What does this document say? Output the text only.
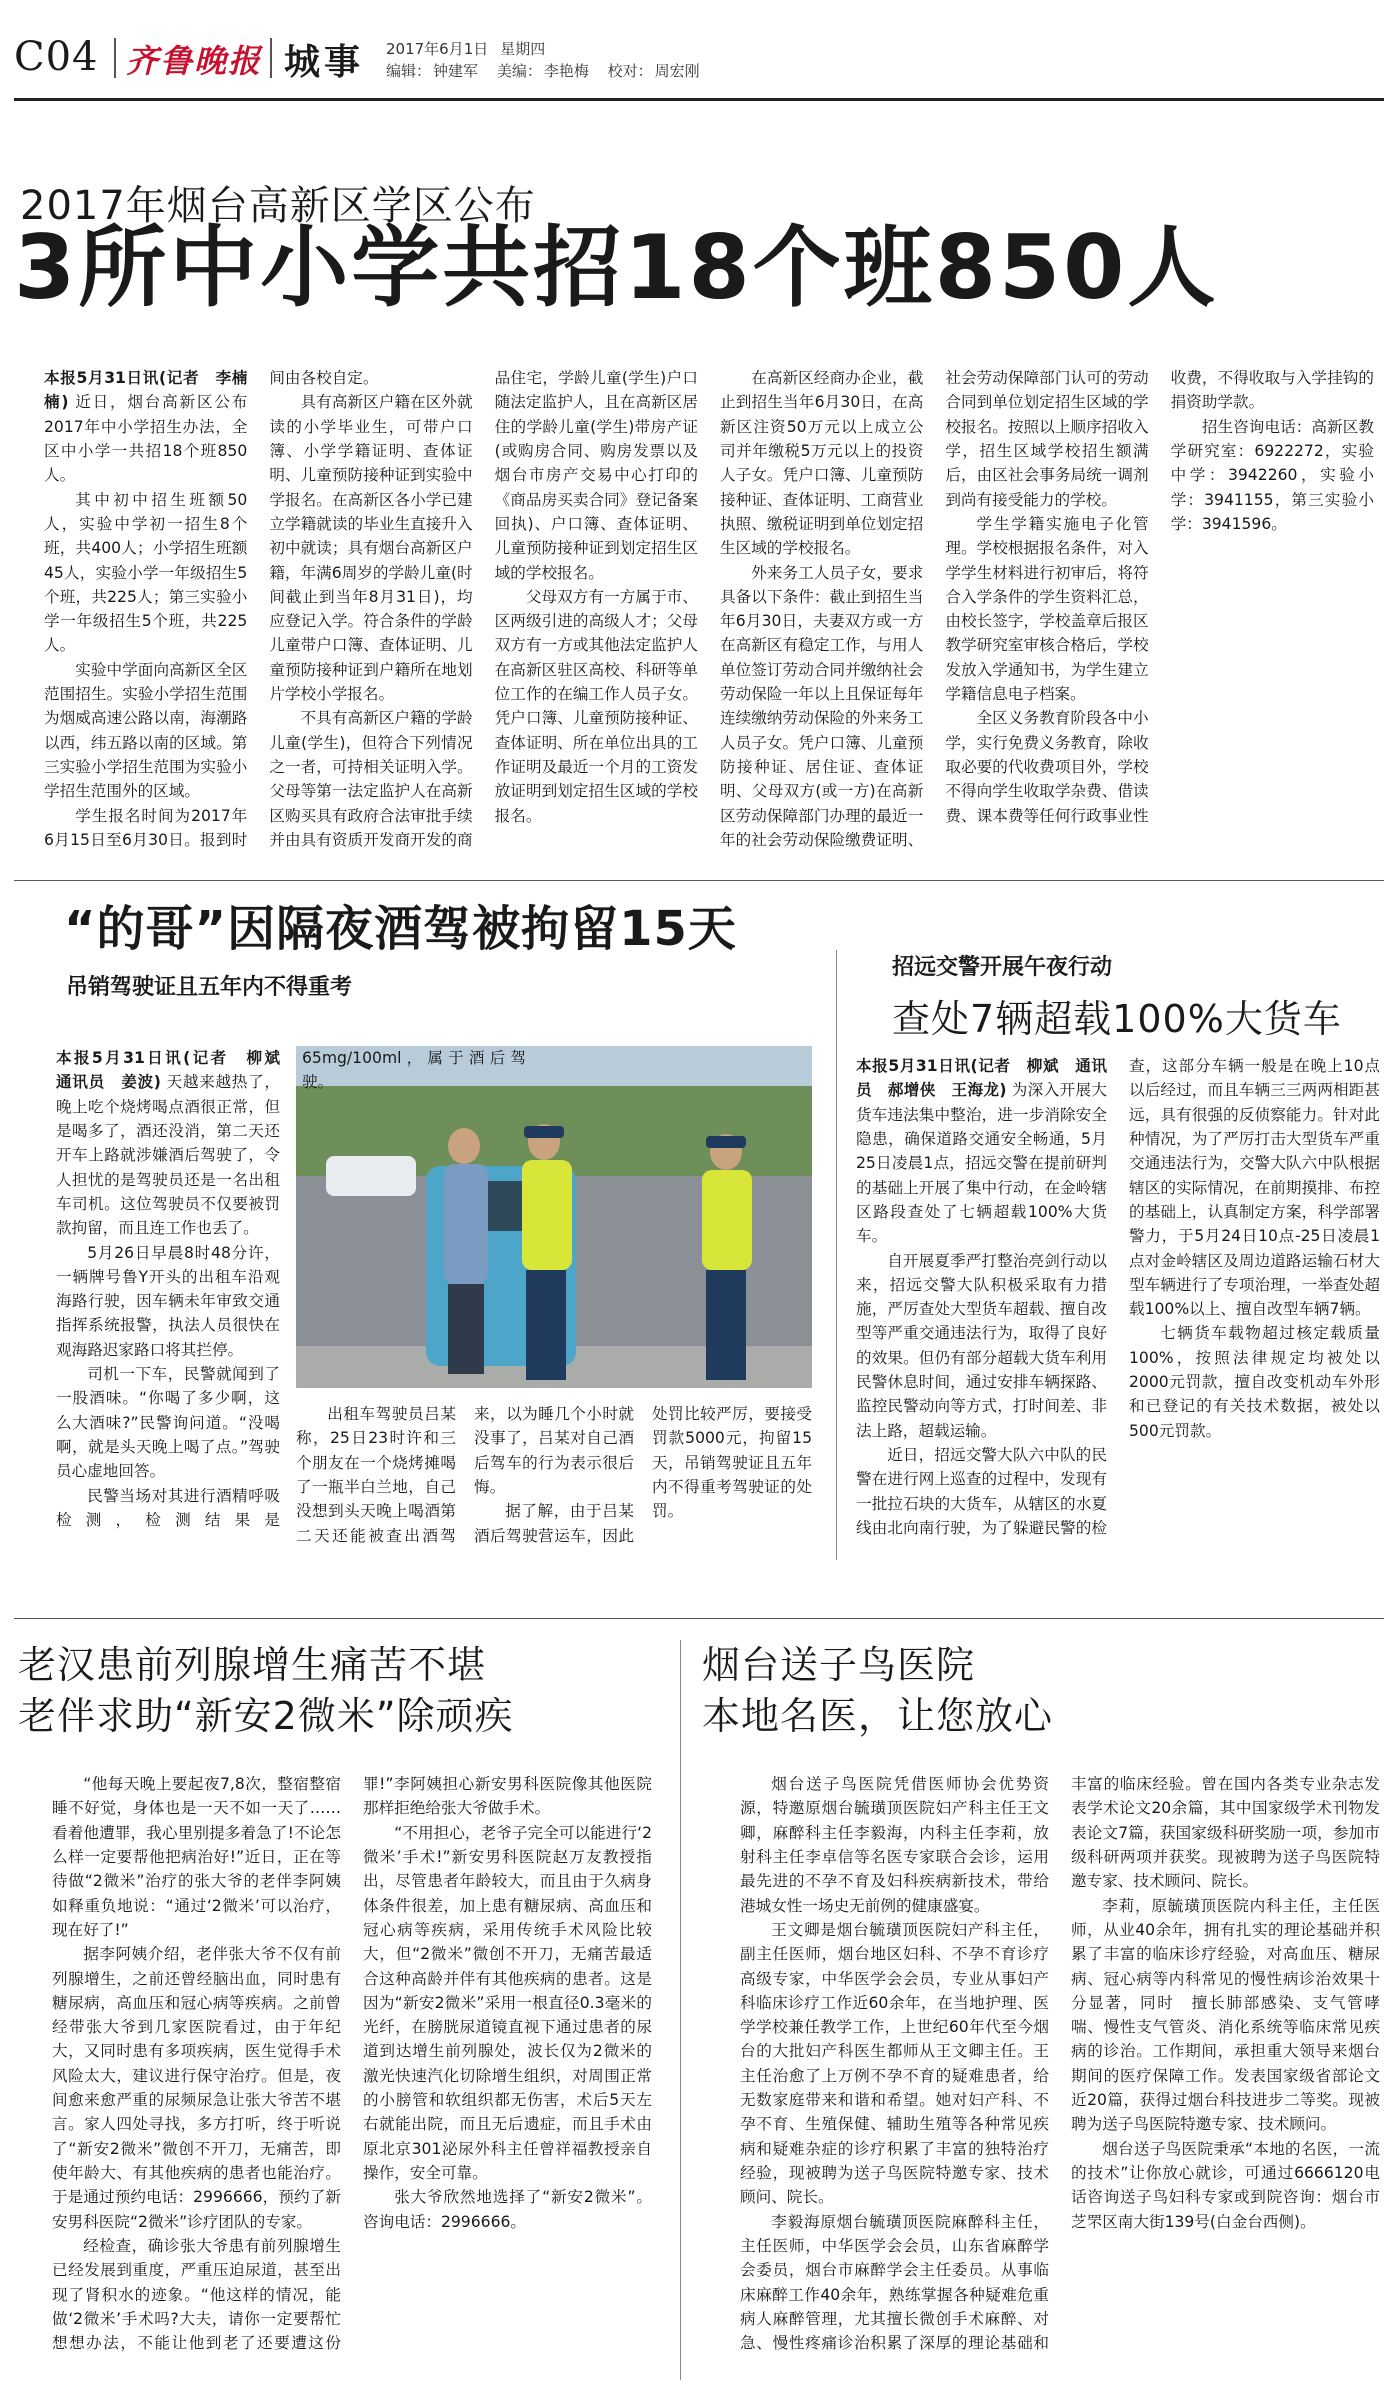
C04 齐鲁晚报 城事 2017年6月1日 星期四
编辑： 钟建军 美编： 李艳梅 校对： 周宏刚
2017年烟台高新区学区公布
3所中小学共招18个班850人

本报5月31日讯(记者　李楠楠) 近日，烟台高新区公布2017年中小学招生办法，全区中小学一共招18个班850人。

其中初中招生班额50人，实验中学初一招生8个班，共400人；小学招生班额45人，实验小学一年级招生5个班，共225人；第三实验小学一年级招生5个班，共225人。

实验中学面向高新区全区范围招生。实验小学招生范围为烟威高速公路以南，海潮路以西，纬五路以南的区域。第三实验小学招生范围为实验小学招生范围外的区域。

学生报名时间为2017年6月15日至6月30日。报到时间由各校自定。

具有高新区户籍在区外就读的小学毕业生，可带户口簿、小学学籍证明、查体证明、儿童预防接种证到实验中学报名。在高新区各小学已建立学籍就读的毕业生直接升入初中就读；具有烟台高新区户籍，年满6周岁的学龄儿童(时间截止到当年8月31日)，均应登记入学。符合条件的学龄儿童带户口簿、查体证明、儿童预防接种证到户籍所在地划片学校小学报名。

不具有高新区户籍的学龄儿童(学生)，但符合下列情况之一者，可持相关证明入学。父母等第一法定监护人在高新区购买具有政府合法审批手续并由具有资质开发商开发的商品住宅，学龄儿童(学生)户口随法定监护人，且在高新区居住的学龄儿童(学生)带房产证(或购房合同、购房发票以及烟台市房产交易中心打印的《商品房买卖合同》登记备案回执)、户口簿、查体证明、儿童预防接种证到划定招生区域的学校报名。

父母双方有一方属于市、区两级引进的高级人才；父母双方有一方或其他法定监护人在高新区驻区高校、科研等单位工作的在编工作人员子女。凭户口簿、儿童预防接种证、查体证明、所在单位出具的工作证明及最近一个月的工资发放证明到划定招生区域的学校报名。

在高新区经商办企业，截止到招生当年6月30日，在高新区注资50万元以上成立公司并年缴税5万元以上的投资人子女。凭户口簿、儿童预防接种证、查体证明、工商营业执照、缴税证明到单位划定招生区域的学校报名。

外来务工人员子女，要求具备以下条件：截止到招生当年6月30日，夫妻双方或一方在高新区有稳定工作，与用人单位签订劳动合同并缴纳社会劳动保险一年以上且保证每年连续缴纳劳动保险的外来务工人员子女。凭户口簿、儿童预防接种证、居住证、查体证明、父母双方(或一方)在高新区劳动保障部门办理的最近一年的社会劳动保险缴费证明、社会劳动保障部门认可的劳动合同到单位划定招生区域的学校报名。按照以上顺序招收入学，招生区域学校招生额满后，由区社会事务局统一调剂到尚有接受能力的学校。

学生学籍实施电子化管理。学校根据报名条件，对入学学生材料进行初审后，将符合入学条件的学生资料汇总，由校长签字，学校盖章后报区教学研究室审核合格后，学校发放入学通知书，为学生建立学籍信息电子档案。

全区义务教育阶段各中小学，实行免费义务教育，除收取必要的代收费项目外，学校不得向学生收取学杂费、借读费、课本费等任何行政事业性收费，不得收取与入学挂钩的捐资助学款。

招生咨询电话：高新区教学研究室：6922272，实验中学：3942260，实验小学：3941155，第三实验小学：3941596。

“的哥”因隔夜酒驾被拘留15天
吊销驾驶证且五年内不得重考

本报5月31日讯(记者　柳斌　通讯员　姜波) 天越来越热了，晚上吃个烧烤喝点酒很正常，但是喝多了，酒还没消，第二天还开车上路就涉嫌酒后驾驶了，令人担忧的是驾驶员还是一名出租车司机。这位驾驶员不仅要被罚款拘留，而且连工作也丢了。

5月26日早晨8时48分许，一辆牌号鲁Y开头的出租车沿观海路行驶，因车辆未年审致交通指挥系统报警，执法人员很快在观海路迟家路口将其拦停。

司机一下车，民警就闻到了一股酒味。“你喝了多少啊，这么大酒味?”民警询问道。“没喝啊，就是头天晚上喝了点。”驾驶员心虚地回答。

民警当场对其进行酒精呼吸检测，检测结果是65mg/100ml，属于酒后驾驶。

出租车驾驶员吕某称，25日23时许和三个朋友在一个烧烤摊喝了一瓶半白兰地，自己没想到头天晚上喝酒第二天还能被查出酒驾来，以为睡几个小时就没事了，吕某对自己酒后驾车的行为表示很后悔。

据了解，由于吕某酒后驾驶营运车，因此处罚比较严厉，要接受罚款5000元，拘留15天，吊销驾驶证且五年内不得重考驾驶证的处罚。

招远交警开展午夜行动
查处7辆超载100%大货车

本报5月31日讯(记者　柳斌　通讯员　郝增侠　王海龙) 为深入开展大货车违法集中整治，进一步消除安全隐患，确保道路交通安全畅通，5月25日凌晨1点，招远交警在提前研判的基础上开展了集中行动，在金岭辖区路段查处了七辆超载100%大货车。

自开展夏季严打整治亮剑行动以来，招远交警大队积极采取有力措施，严厉查处大型货车超载、擅自改型等严重交通违法行为，取得了良好的效果。但仍有部分超载大货车利用民警休息时间，通过安排车辆探路、监控民警动向等方式，打时间差、非法上路，超载运输。

近日，招远交警大队六中队的民警在进行网上巡查的过程中，发现有一批拉石块的大货车，从辖区的水夏线由北向南行驶，为了躲避民警的检查，这部分车辆一般是在晚上10点以后经过，而且车辆三三两两相距甚远，具有很强的反侦察能力。针对此种情况，为了严厉打击大型货车严重交通违法行为，交警大队六中队根据辖区的实际情况，在前期摸排、布控的基础上，认真制定方案，科学部署警力，于5月24日10点-25日凌晨1点对金岭辖区及周边道路运输石材大型车辆进行了专项治理，一举查处超载100%以上、擅自改型车辆7辆。

七辆货车载物超过核定载质量100%，按照法律规定均被处以2000元罚款，擅自改变机动车外形和已登记的有关技术数据，被处以500元罚款。

老汉患前列腺增生痛苦不堪
老伴求助“新安2微米”除顽疾

“他每天晚上要起夜7,8次，整宿整宿睡不好觉，身体也是一天不如一天了……看着他遭罪，我心里别提多着急了!不论怎么样一定要帮他把病治好!”近日，正在等待做“2微米”治疗的张大爷的老伴李阿姨如释重负地说：“通过‘2微米’可以治疗，现在好了!”

据李阿姨介绍，老伴张大爷不仅有前列腺增生，之前还曾经脑出血，同时患有糖尿病，高血压和冠心病等疾病。之前曾经带张大爷到几家医院看过，由于年纪大，又同时患有多项疾病，医生觉得手术风险太大，建议进行保守治疗。但是，夜间愈来愈严重的尿频尿急让张大爷苦不堪言。家人四处寻找，多方打听，终于听说了“新安2微米”微创不开刀，无痛苦，即使年龄大、有其他疾病的患者也能治疗。于是通过预约电话：2996666，预约了新安男科医院“2微米”诊疗团队的专家。

经检查，确诊张大爷患有前列腺增生已经发展到重度，严重压迫尿道，甚至出现了肾积水的迹象。“他这样的情况，能做‘2微米’手术吗?大夫，请你一定要帮忙想想办法，不能让他到老了还要遭这份罪!”李阿姨担心新安男科医院像其他医院那样拒绝给张大爷做手术。

“不用担心，老爷子完全可以能进行‘2微米’手术!”新安男科医院赵万友教授指出，尽管患者年龄较大，而且由于久病身体条件很差，加上患有糖尿病、高血压和冠心病等疾病，采用传统手术风险比较大，但“2微米”微创不开刀，无痛苦最适合这种高龄并伴有其他疾病的患者。这是因为“新安2微米”采用一根直径0.3毫米的光纤，在膀胱尿道镜直视下通过患者的尿道到达增生前列腺处，波长仅为2微米的激光快速汽化切除增生组织，对周围正常的小膀管和软组织都无伤害，术后5天左右就能出院，而且无后遗症，而且手术由原北京301泌尿外科主任曾祥福教授亲自操作，安全可靠。

张大爷欣然地选择了“新安2微米”。咨询电话：2996666。

烟台送子鸟医院
本地名医，让您放心

烟台送子鸟医院凭借医师协会优势资源，特邀原烟台毓璜顶医院妇产科主任王文卿，麻醉科主任李毅海，内科主任李莉，放射科主任李卓信等名医专家联合会诊，运用最先进的不孕不育及妇科疾病新技术，带给港城女性一场史无前例的健康盛宴。

王文卿是烟台毓璜顶医院妇产科主任，副主任医师，烟台地区妇科、不孕不育诊疗高级专家，中华医学会会员，专业从事妇产科临床诊疗工作近60余年，在当地护理、医学学校兼任教学工作，上世纪60年代至今烟台的大批妇产科医生都师从王文卿主任。王主任治愈了上万例不孕不育的疑难患者，给无数家庭带来和谐和希望。她对妇产科、不孕不育、生殖保健、辅助生殖等各种常见疾病和疑难杂症的诊疗积累了丰富的独特治疗经验，现被聘为送子鸟医院特邀专家、技术顾问、院长。

李毅海原烟台毓璜顶医院麻醉科主任，主任医师，中华医学会会员，山东省麻醉学会委员，烟台市麻醉学会主任委员。从事临床麻醉工作40余年，熟练掌握各种疑难危重病人麻醉管理，尤其擅长微创手术麻醉、对急、慢性疼痛诊治积累了深厚的理论基础和丰富的临床经验。曾在国内各类专业杂志发表学术论文20余篇，其中国家级学术刊物发表论文7篇，获国家级科研奖励一项，参加市级科研两项并获奖。现被聘为送子鸟医院特邀专家、技术顾问、院长。

李莉，原毓璜顶医院内科主任，主任医师，从业40余年，拥有扎实的理论基础并积累了丰富的临床诊疗经验，对高血压、糖尿病、冠心病等内科常见的慢性病诊治效果十分显著，同时　擅长肺部感染、支气管哮喘、慢性支气管炎、消化系统等临床常见疾病的诊治。工作期间，承担重大领导来烟台期间的医疗保障工作。发表国家级省部论文近20篇，获得过烟台科技进步二等奖。现被聘为送子鸟医院特邀专家、技术顾问。

烟台送子鸟医院秉承“本地的名医，一流的技术”让你放心就诊，可通过6666120电话咨询送子鸟妇科专家或到院咨询：烟台市芝罘区南大街139号(白金台西侧)。
